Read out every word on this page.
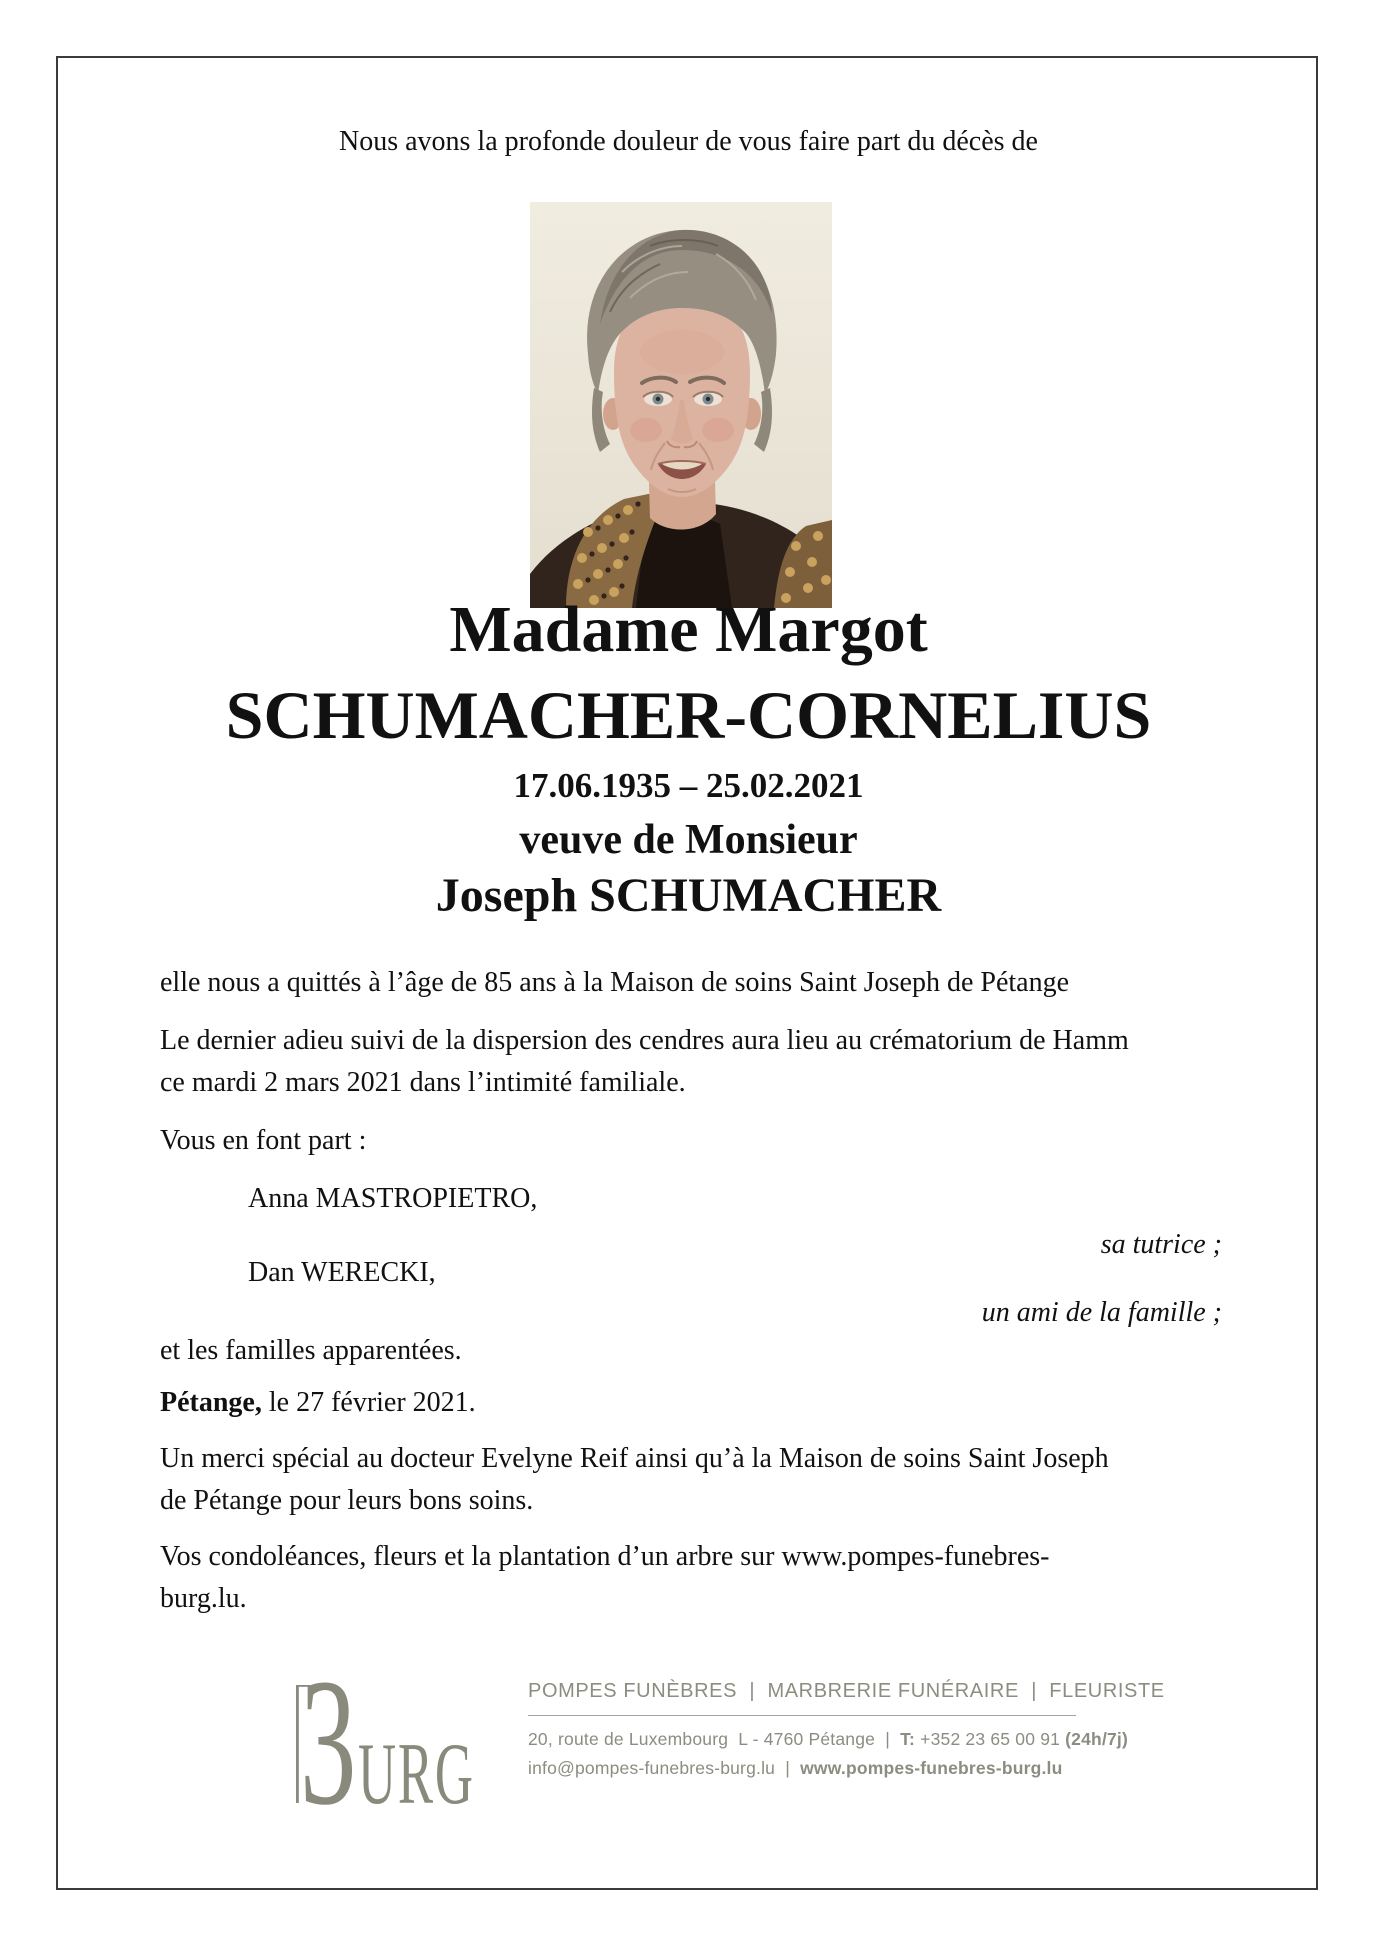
Nous avons la profonde douleur de vous faire part du décès de
Madame Margot
SCHUMACHER-CORNELIUS
17.06.1935 – 25.02.2021
veuve de Monsieur
Joseph SCHUMACHER
elle nous a quittés à l’âge de 85 ans à la Maison de soins Saint Joseph de Pétange
Le dernier adieu suivi de la dispersion des cendres aura lieu au crématorium de Hamm
ce mardi 2 mars 2021 dans l’intimité familiale.
Vous en font part :
Anna MASTROPIETRO,
sa tutrice ;
Dan WERECKI,
un ami de la famille ;
et les familles apparentées.
Pétange, le 27 février 2021.
Un merci spécial au docteur Evelyne Reif ainsi qu’à la Maison de soins Saint Joseph
de Pétange pour leurs bons soins.
Vos condoléances, fleurs et la plantation d’un arbre sur www.pompes-funebres-
burg.lu.
3 URG
POMPES FUNÈBRES  |  MARBRERIE FUNÉRAIRE  |  FLEURISTE
20, route de Luxembourg  L - 4760 Pétange  |  T: +352 23 65 00 91 (24h/7j)
info@pompes-funebres-burg.lu  |  www.pompes-funebres-burg.lu
